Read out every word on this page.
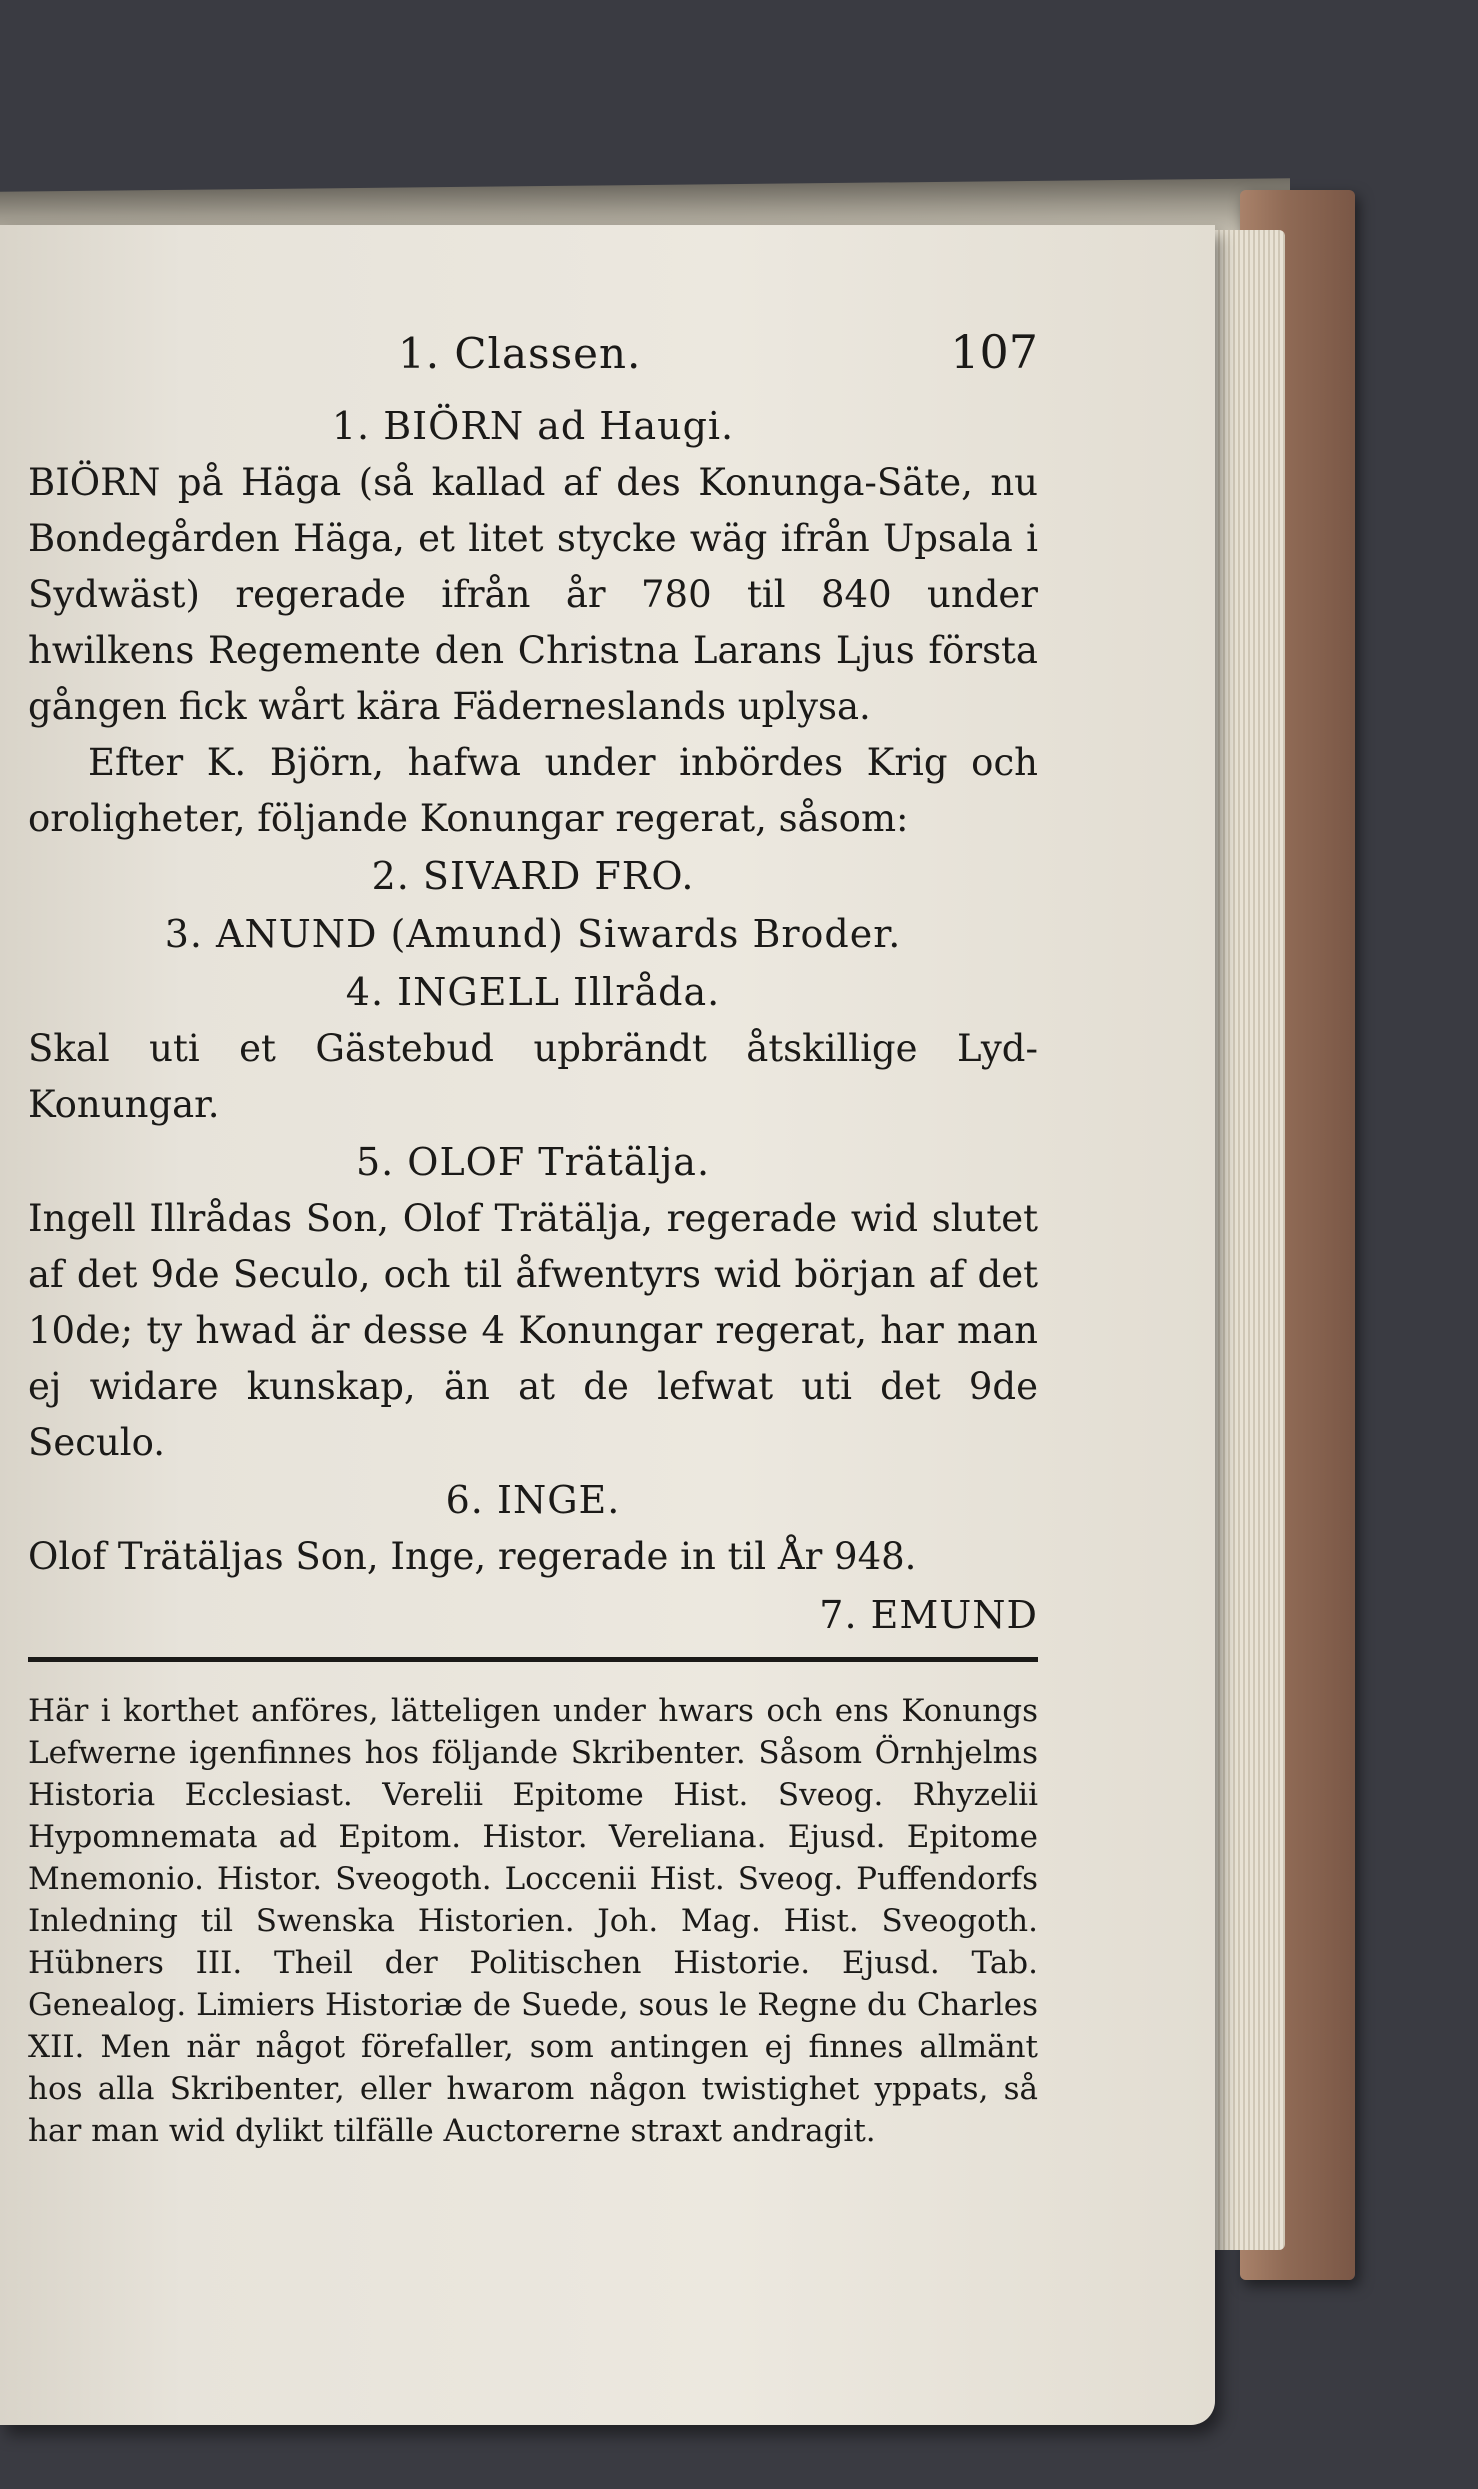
1. Classen.	107
1. BIÖRN ad Haugi.

BIÖRN på Häga (så kallad af des Konunga-Säte, nu Bondegården Häga, et litet stycke wäg ifrån Upsala i Sydwäst) regerade ifrån år 780 til 840 under hwilkens Regemente den Christna Larans Ljus första gången fick wårt kära Fäderneslands uplysa.

Efter K. Björn, hafwa under inbördes Krig och oroligheter, följande Konungar regerat, såsom:

2. SIVARD FRO.
3. ANUND (Amund) Siwards Broder.
4. INGELL Illråda.

Skal uti et Gästebud upbrändt åtskillige Lyd-Konungar.

5. OLOF Trätälja.

Ingell Illrådas Son, Olof Trätälja, regerade wid slutet af det 9de Seculo, och til åfwentyrs wid början af det 10de; ty hwad är desse 4 Konungar regerat, har man ej widare kunskap, än at de lefwat uti det 9de Seculo.

6. INGE.

Olof Trätäljas Son, Inge, regerade in til År 948.

7. EMUND

Här i korthet anföres, lätteligen under hwars och ens Konungs Lefwerne igenfinnes hos följande Skribenter. Såsom Örnhjelms Historia Ecclesiast. Verelii Epitome Hist. Sveog. Rhyzelii Hypomnemata ad Epitom. Histor. Vereliana. Ejusd. Epitome Mnemonio. Histor. Sveogoth. Loccenii Hist. Sveog. Puffendorfs Inledning til Swenska Historien. Joh. Mag. Hist. Sveogoth. Hübners III. Theil der Politischen Historie. Ejusd. Tab. Genealog. Limiers Historiæ de Suede, sous le Regne du Charles XII. Men när något förefaller, som antingen ej finnes allmänt hos alla Skribenter, eller hwarom någon twistighet yppats, så har man wid dylikt tilfälle Auctorerne straxt andragit.
